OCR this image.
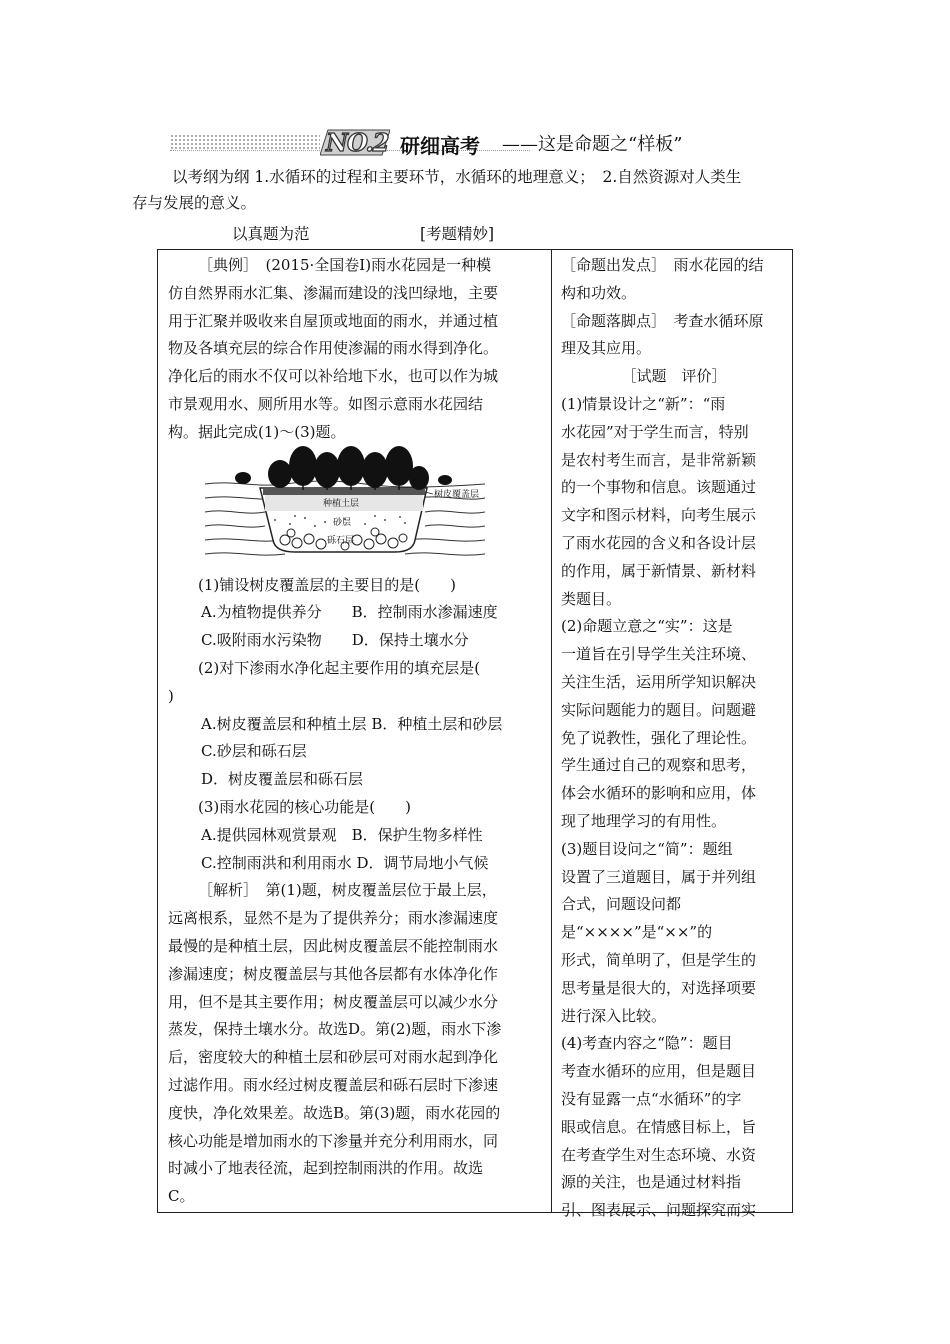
NO.2 研细高考 ——这是命题之“样板”
以考纲为纲 1.水循环的过程和主要环节，水循环的地理意义；　2.自然资源对人类生
存与发展的意义。
以真题为范	[考题精妙]
［典例］　(2015·全国卷Ⅰ)雨水花园是一种模
仿自然界雨水汇集、渗漏而建设的浅凹绿地，主要
用于汇聚并吸收来自屋顶或地面的雨水，并通过植
物及各填充层的综合作用使渗漏的雨水得到净化。
净化后的雨水不仅可以补给地下水，也可以作为城
市景观用水、厕所用水等。如图示意雨水花园结
构。据此完成(1)～(3)题。
(1)铺设树皮覆盖层的主要目的是(　　)
A.为植物提供养分　　B．控制雨水渗漏速度
C.吸附雨水污染物　　D．保持土壤水分
(2)对下渗雨水净化起主要作用的填充层是(
)
A.树皮覆盖层和种植土层 B．种植土层和砂层
C.砂层和砾石层
D．树皮覆盖层和砾石层
(3)雨水花园的核心功能是(　　)
A.提供园林观赏景观　B．保护生物多样性
C.控制雨洪和利用雨水 D．调节局地小气候
［解析］　第(1)题，树皮覆盖层位于最上层，
远离根系，显然不是为了提供养分；雨水渗漏速度
最慢的是种植土层，因此树皮覆盖层不能控制雨水
渗漏速度；树皮覆盖层与其他各层都有水体净化作
用，但不是其主要作用；树皮覆盖层可以减少水分
蒸发，保持土壤水分。故选D。第(2)题，雨水下渗
后，密度较大的种植土层和砂层可对雨水起到净化
过滤作用。雨水经过树皮覆盖层和砾石层时下渗速
度快，净化效果差。故选B。第(3)题，雨水花园的
核心功能是增加雨水的下渗量并充分利用雨水，同
时减小了地表径流，起到控制雨洪的作用。故选
C。
树皮覆盖层
种植土层
砂层
砾石层
［命题出发点］　雨水花园的结
构和功效。
［命题落脚点］　考查水循环原
理及其应用。
［试题　评价］
(1)情景设计之“新”：“雨
水花园”对于学生而言，特别
是农村考生而言，是非常新颖
的一个事物和信息。该题通过
文字和图示材料，向考生展示
了雨水花园的含义和各设计层
的作用，属于新情景、新材料
类题目。
(2)命题立意之“实”：这是
一道旨在引导学生关注环境、
关注生活，运用所学知识解决
实际问题能力的题目。问题避
免了说教性，强化了理论性。
学生通过自己的观察和思考，
体会水循环的影响和应用，体
现了地理学习的有用性。
(3)题目设问之“简”：题组
设置了三道题目，属于并列组
合式，问题设问都
是“××××”是“××”的
形式，简单明了，但是学生的
思考量是很大的，对选择项要
进行深入比较。
(4)考查内容之“隐”：题目
考查水循环的应用，但是题目
没有显露一点“水循环”的字
眼或信息。在情感目标上，旨
在考查学生对生态环境、水资
源的关注，也是通过材料指
引、图表展示、问题探究而实
